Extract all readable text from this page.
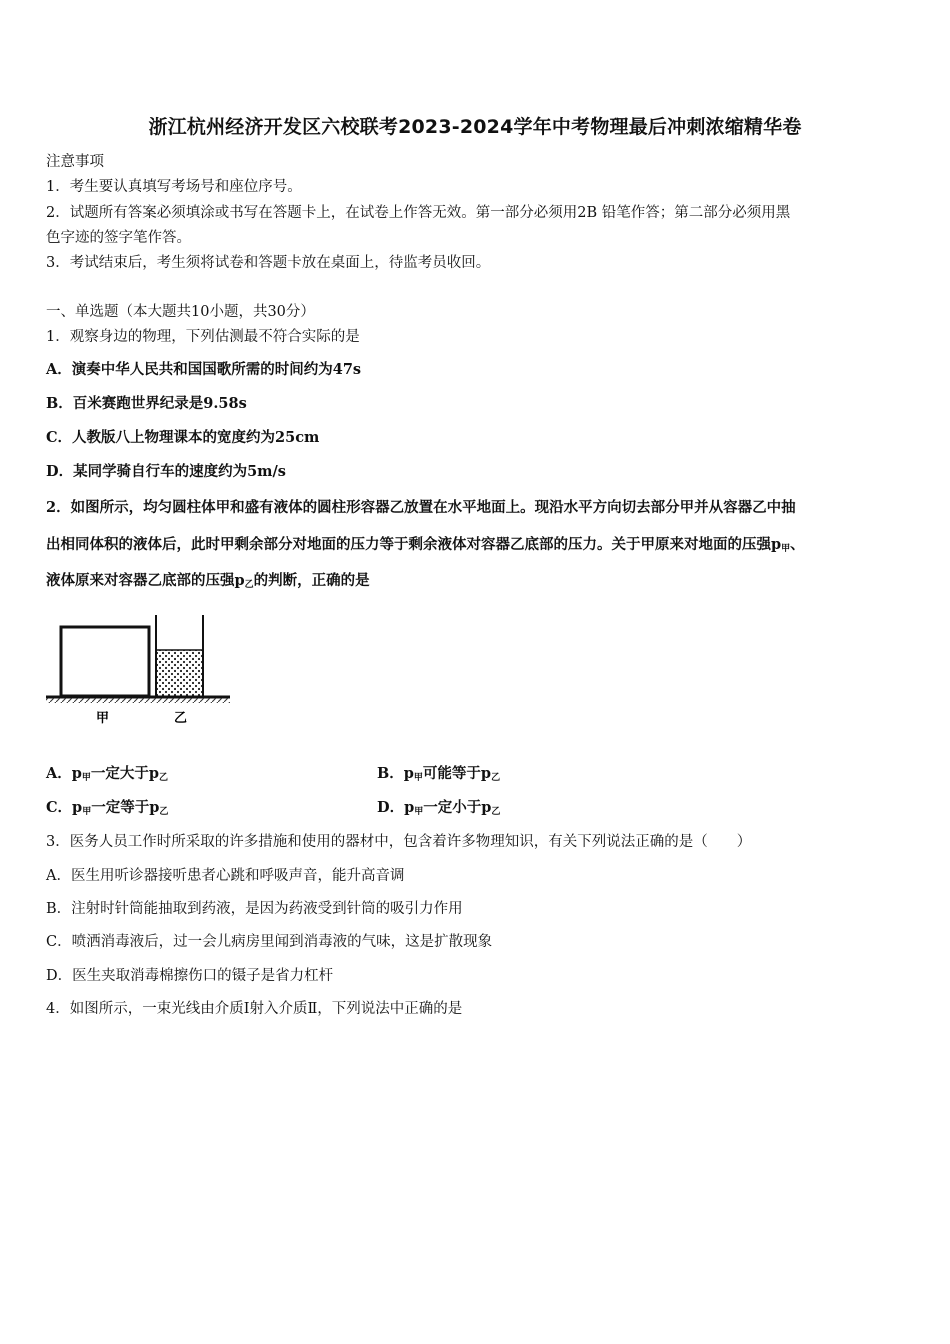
浙江杭州经济开发区六校联考2023-2024学年中考物理最后冲刺浓缩精华卷
注意事项
1．考生要认真填写考场号和座位序号。
2．试题所有答案必须填涂或书写在答题卡上，在试卷上作答无效。第一部分必须用2B 铅笔作答；第二部分必须用黑
色字迹的签字笔作答。
3．考试结束后，考生须将试卷和答题卡放在桌面上，待监考员收回。
一、单选题（本大题共10小题，共30分）
1．观察身边的物理，下列估测最不符合实际的是
A．演奏中华人民共和国国歌所需的时间约为47s
B．百米赛跑世界纪录是9.58s
C．人教版八上物理课本的宽度约为25cm
D．某同学骑自行车的速度约为5m/s
2．如图所示，均匀圆柱体甲和盛有液体的圆柱形容器乙放置在水平地面上。现沿水平方向切去部分甲并从容器乙中抽
出相同体积的液体后，此时甲剩余部分对地面的压力等于剩余液体对容器乙底部的压力。关于甲原来对地面的压强$p_甲$、
液体原来对容器乙底部的压强$p_乙$的判断，正确的是
甲	乙
A．$p_甲$一定大于$p_乙$	B．$p_甲$可能等于$p_乙$
C．$p_甲$一定等于$p_乙$	D．$p_甲$一定小于$p_乙$
3．医务人员工作时所采取的许多措施和使用的器材中，包含着许多物理知识，有关下列说法正确的是（　　）
A．医生用听诊器接听患者心跳和呼吸声音，能升高音调
B．注射时针筒能抽取到药液，是因为药液受到针筒的吸引力作用
C．喷洒消毒液后，过一会儿病房里闻到消毒液的气味，这是扩散现象
D．医生夹取消毒棉擦伤口的镊子是省力杠杆
4．如图所示，一束光线由介质Ⅰ射入介质Ⅱ，下列说法中正确的是
